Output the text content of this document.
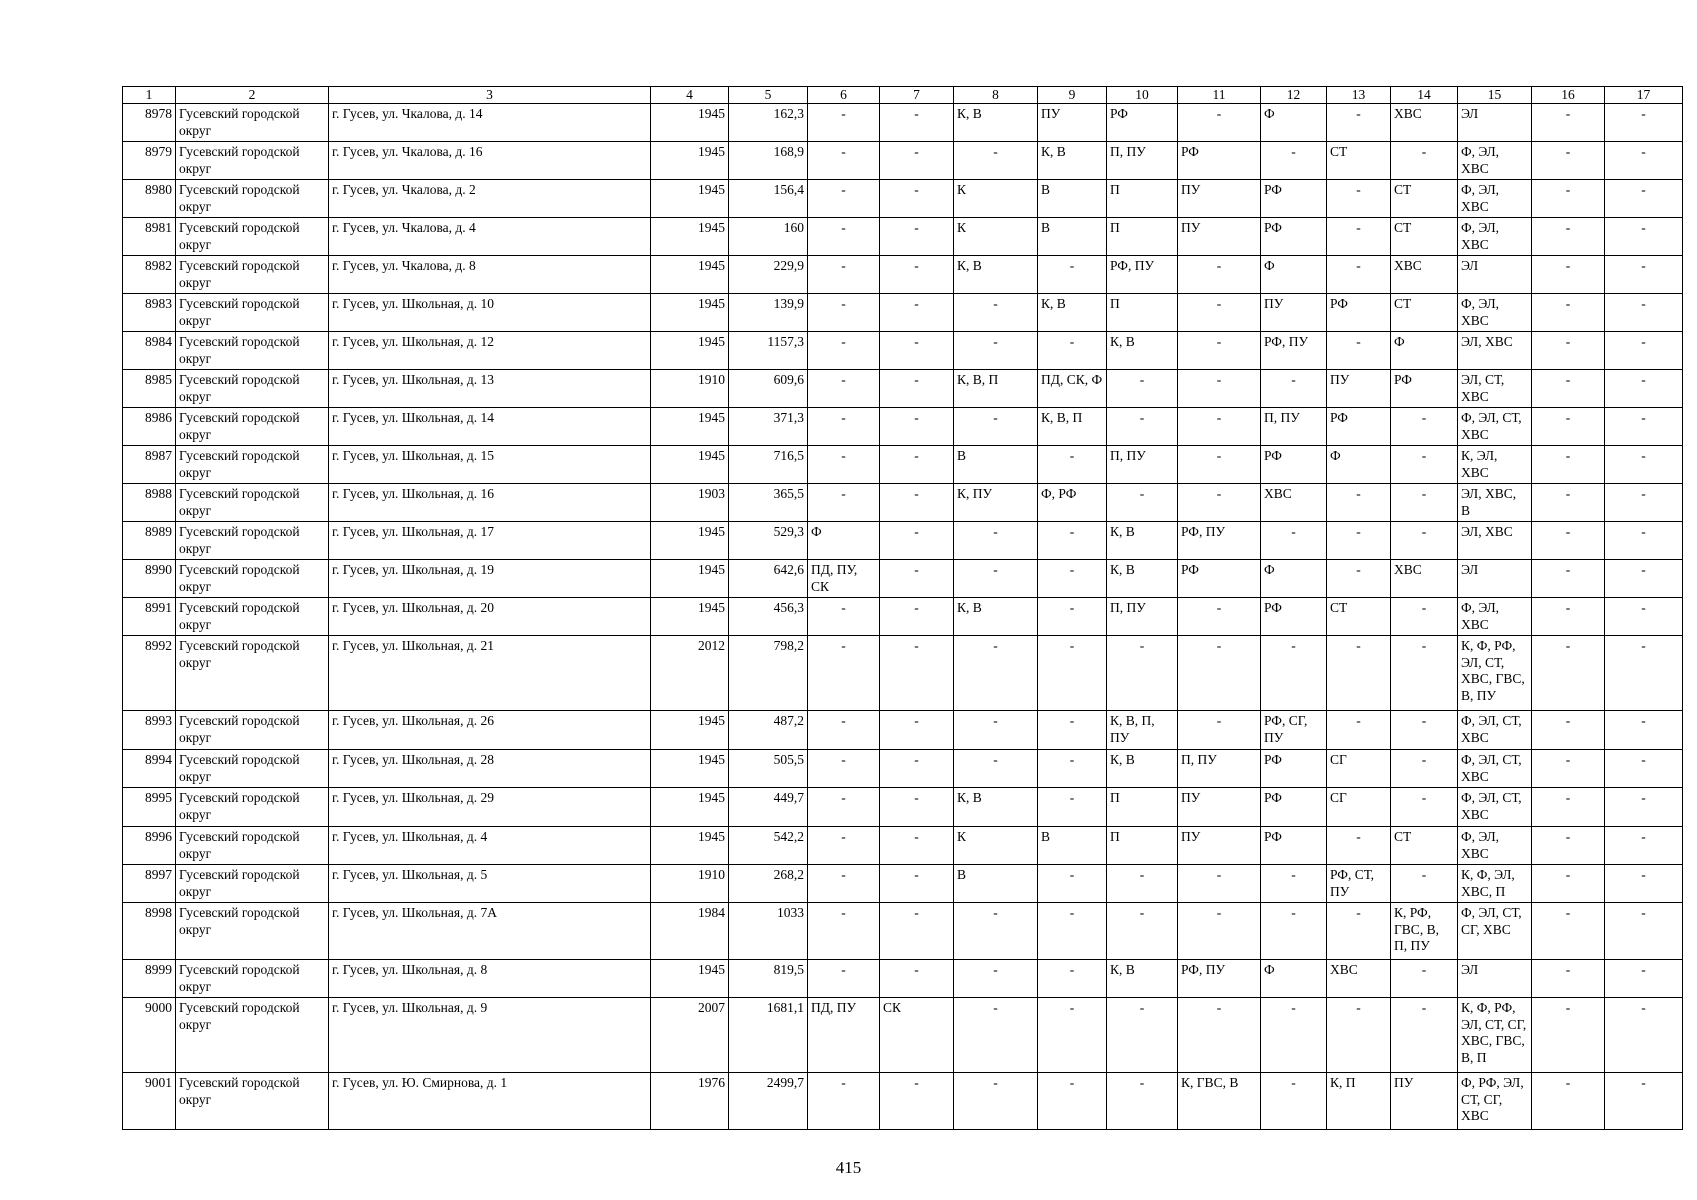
1	2	3	4	5	6	7	8	9	10	11	12	13	14	15	16	17
8978	Гусевский городской округ	г. Гусев, ул. Чкалова, д. 14	1945	162,3	-	-	К, В	ПУ	РФ	-	Ф	-	ХВС	ЭЛ	-	-
8979	Гусевский городской округ	г. Гусев, ул. Чкалова, д. 16	1945	168,9	-	-	-	К, В	П, ПУ	РФ	-	СТ	-	Ф, ЭЛ, ХВС	-	-
8980	Гусевский городской округ	г. Гусев, ул. Чкалова, д. 2	1945	156,4	-	-	К	В	П	ПУ	РФ	-	СТ	Ф, ЭЛ, ХВС	-	-
8981	Гусевский городской округ	г. Гусев, ул. Чкалова, д. 4	1945	160	-	-	К	В	П	ПУ	РФ	-	СТ	Ф, ЭЛ, ХВС	-	-
8982	Гусевский городской округ	г. Гусев, ул. Чкалова, д. 8	1945	229,9	-	-	К, В	-	РФ, ПУ	-	Ф	-	ХВС	ЭЛ	-	-
8983	Гусевский городской округ	г. Гусев, ул. Школьная, д. 10	1945	139,9	-	-	-	К, В	П	-	ПУ	РФ	СТ	Ф, ЭЛ, ХВС	-	-
8984	Гусевский городской округ	г. Гусев, ул. Школьная, д. 12	1945	1157,3	-	-	-	-	К, В	-	РФ, ПУ	-	Ф	ЭЛ, ХВС	-	-
8985	Гусевский городской округ	г. Гусев, ул. Школьная, д. 13	1910	609,6	-	-	К, В, П	ПД, СК, Ф	-	-	-	ПУ	РФ	ЭЛ, СТ, ХВС	-	-
8986	Гусевский городской округ	г. Гусев, ул. Школьная, д. 14	1945	371,3	-	-	-	К, В, П	-	-	П, ПУ	РФ	-	Ф, ЭЛ, СТ, ХВС	-	-
8987	Гусевский городской округ	г. Гусев, ул. Школьная, д. 15	1945	716,5	-	-	В	-	П, ПУ	-	РФ	Ф	-	К, ЭЛ, ХВС	-	-
8988	Гусевский городской округ	г. Гусев, ул. Школьная, д. 16	1903	365,5	-	-	К, ПУ	Ф, РФ	-	-	ХВС	-	-	ЭЛ, ХВС, В	-	-
8989	Гусевский городской округ	г. Гусев, ул. Школьная, д. 17	1945	529,3	Ф	-	-	-	К, В	РФ, ПУ	-	-	-	ЭЛ, ХВС	-	-
8990	Гусевский городской округ	г. Гусев, ул. Школьная, д. 19	1945	642,6	ПД, ПУ, СК	-	-	-	К, В	РФ	Ф	-	ХВС	ЭЛ	-	-
8991	Гусевский городской округ	г. Гусев, ул. Школьная, д. 20	1945	456,3	-	-	К, В	-	П, ПУ	-	РФ	СТ	-	Ф, ЭЛ, ХВС	-	-
8992	Гусевский городской округ	г. Гусев, ул. Школьная, д. 21	2012	798,2	-	-	-	-	-	-	-	-	-	К, Ф, РФ, ЭЛ, СТ, ХВС, ГВС, В, ПУ	-	-
8993	Гусевский городской округ	г. Гусев, ул. Школьная, д. 26	1945	487,2	-	-	-	-	К, В, П, ПУ	-	РФ, СГ, ПУ	-	-	Ф, ЭЛ, СТ, ХВС	-	-
8994	Гусевский городской округ	г. Гусев, ул. Школьная, д. 28	1945	505,5	-	-	-	-	К, В	П, ПУ	РФ	СГ	-	Ф, ЭЛ, СТ, ХВС	-	-
8995	Гусевский городской округ	г. Гусев, ул. Школьная, д. 29	1945	449,7	-	-	К, В	-	П	ПУ	РФ	СГ	-	Ф, ЭЛ, СТ, ХВС	-	-
8996	Гусевский городской округ	г. Гусев, ул. Школьная, д. 4	1945	542,2	-	-	К	В	П	ПУ	РФ	-	СТ	Ф, ЭЛ, ХВС	-	-
8997	Гусевский городской округ	г. Гусев, ул. Школьная, д. 5	1910	268,2	-	-	В	-	-	-	-	РФ, СТ, ПУ	-	К, Ф, ЭЛ, ХВС, П	-	-
8998	Гусевский городской округ	г. Гусев, ул. Школьная, д. 7А	1984	1033	-	-	-	-	-	-	-	-	К, РФ, ГВС, В, П, ПУ	Ф, ЭЛ, СТ, СГ, ХВС	-	-
8999	Гусевский городской округ	г. Гусев, ул. Школьная, д. 8	1945	819,5	-	-	-	-	К, В	РФ, ПУ	Ф	ХВС	-	ЭЛ	-	-
9000	Гусевский городской округ	г. Гусев, ул. Школьная, д. 9	2007	1681,1	ПД, ПУ	СК	-	-	-	-	-	-	-	К, Ф, РФ, ЭЛ, СТ, СГ, ХВС, ГВС, В, П	-	-
9001	Гусевский городской округ	г. Гусев, ул. Ю. Смирнова, д. 1	1976	2499,7	-	-	-	-	-	К, ГВС, В	-	К, П	ПУ	Ф, РФ, ЭЛ, СТ, СГ, ХВС	-	-
415
